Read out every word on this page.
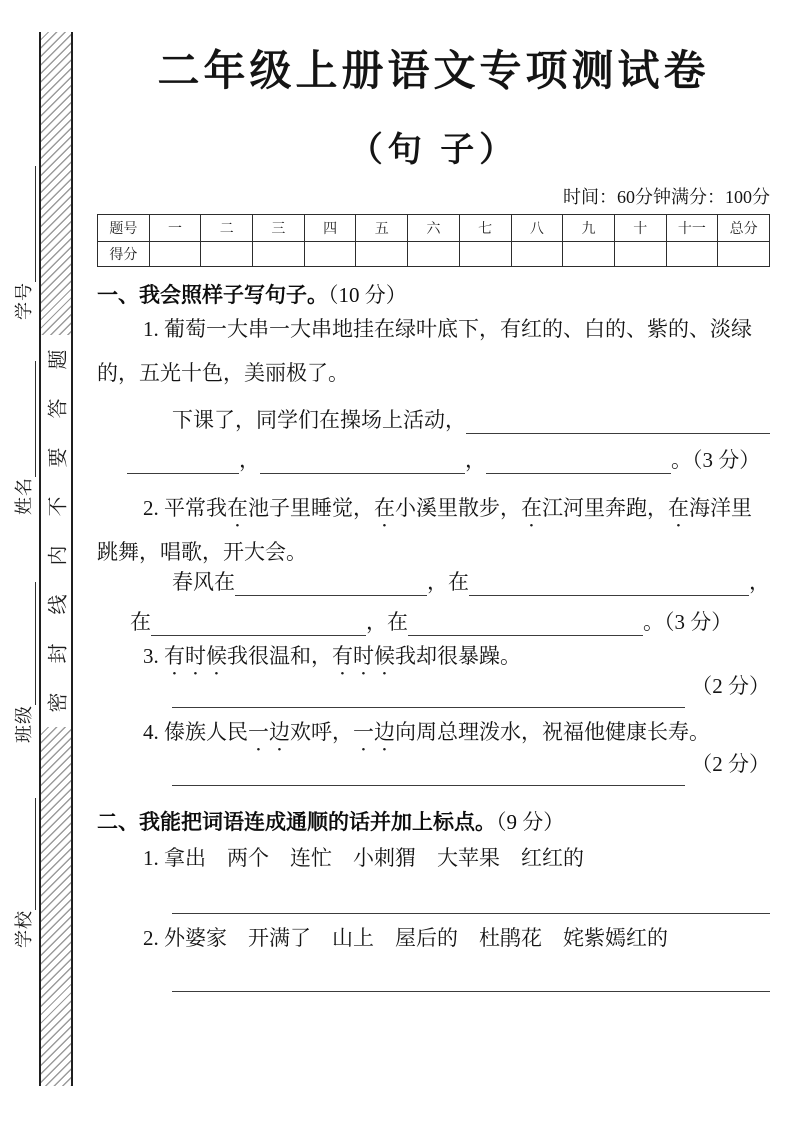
学校
班级
姓名
学号
题
答
要
不
内
线
封
密
二年级上册语文专项测试卷
（句 子）
时间：60分钟满分：100分
题号	一	二	三	四	五	六	七	八	九	十	十一	总分
得分												
一、我会照样子写句子。（10 分）
1. 葡萄一大串一大串地挂在绿叶底下，有红的、白的、紫的、淡绿
的，五光十色，美丽极了。
下课了，同学们在操场上活动，
，	，	。（3 分）
2. 平常我在池子里睡觉，在小溪里散步，在江河里奔跑，在海洋里
跳舞，唱歌，开大会。
春风在	，在	，
在	，在	。（3 分）
3. 有时候我很温和，有时候我却很暴躁。
（2 分）
4. 傣族人民一边欢呼，一边向周总理泼水，祝福他健康长寿。
（2 分）
二、我能把词语连成通顺的话并加上标点。（9 分）
1. 拿出　两个　连忙　小刺猬　大苹果　红红的
2. 外婆家　开满了　山上　屋后的　杜鹃花　姹紫嫣红的
